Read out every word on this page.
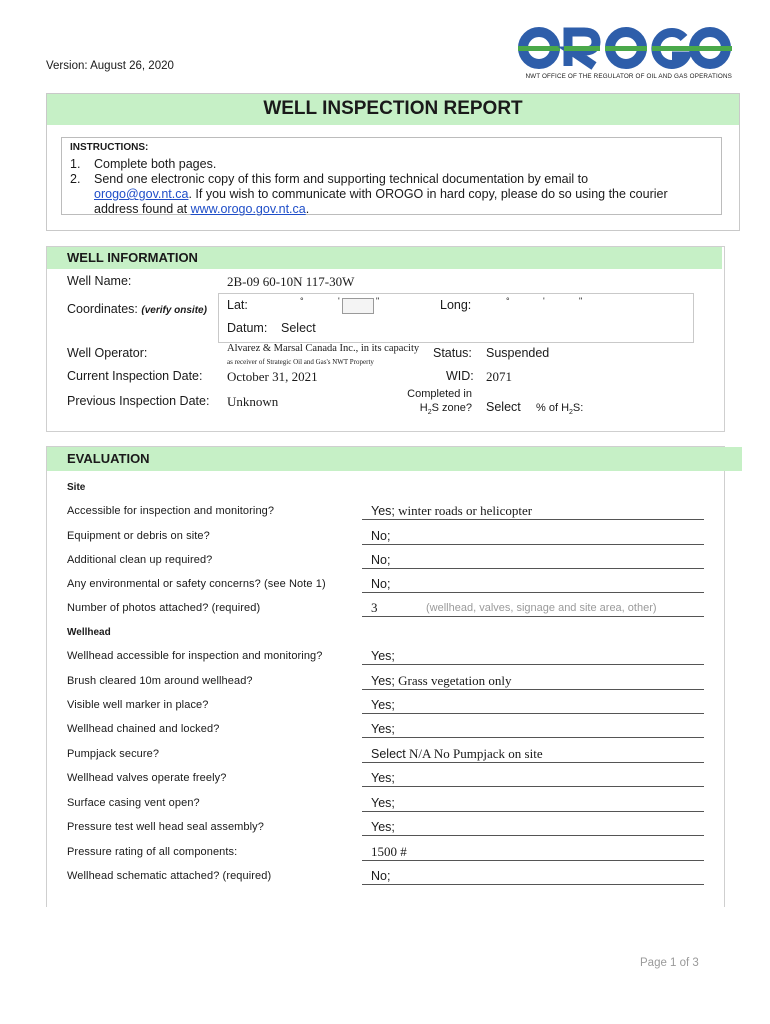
Version: August 26, 2020
NWT OFFICE OF THE REGULATOR OF OIL AND GAS OPERATIONS
WELL INSPECTION REPORT
INSTRUCTIONS:
1.	Complete both pages.
2.	Send one electronic copy of this form and supporting technical documentation by email to
orogo@gov.nt.ca. If you wish to communicate with OROGO in hard copy, please do so using the courier
address found at www.orogo.gov.nt.ca.
WELL INFORMATION
Well Name:	2B-09 60-10N 117-30W
Coordinates: (verify onsite) Lat:	°	'	"	Long:	°	'	"
Datum: Select
Well Operator:	Alvarez & Marsal Canada Inc., in its capacity
as receiver of Strategic Oil and Gas's NWT Property
Status: Suspended
Current Inspection Date: October 31, 2021	WID: 2071
Previous Inspection Date: Unknown	Completed in
$H_2S$ zone? Select % of $H_2S$:
EVALUATION
Site
Accessible for inspection and monitoring?	Yes; winter roads or helicopter
Equipment or debris on site?	No;
Additional clean up required?	No;
Any environmental or safety concerns? (see Note 1)	No;
Number of photos attached? (required)	3	(wellhead, valves, signage and site area, other)
Wellhead
Wellhead accessible for inspection and monitoring?	Yes;
Brush cleared 10m around wellhead?	Yes; Grass vegetation only
Visible well marker in place?	Yes;
Wellhead chained and locked?	Yes;
Pumpjack secure?	Select N/A No Pumpjack on site
Wellhead valves operate freely?	Yes;
Surface casing vent open?	Yes;
Pressure test well head seal assembly?	Yes;
Pressure rating of all components:	1500 #
Wellhead schematic attached? (required)	No;
Page 1 of 3
